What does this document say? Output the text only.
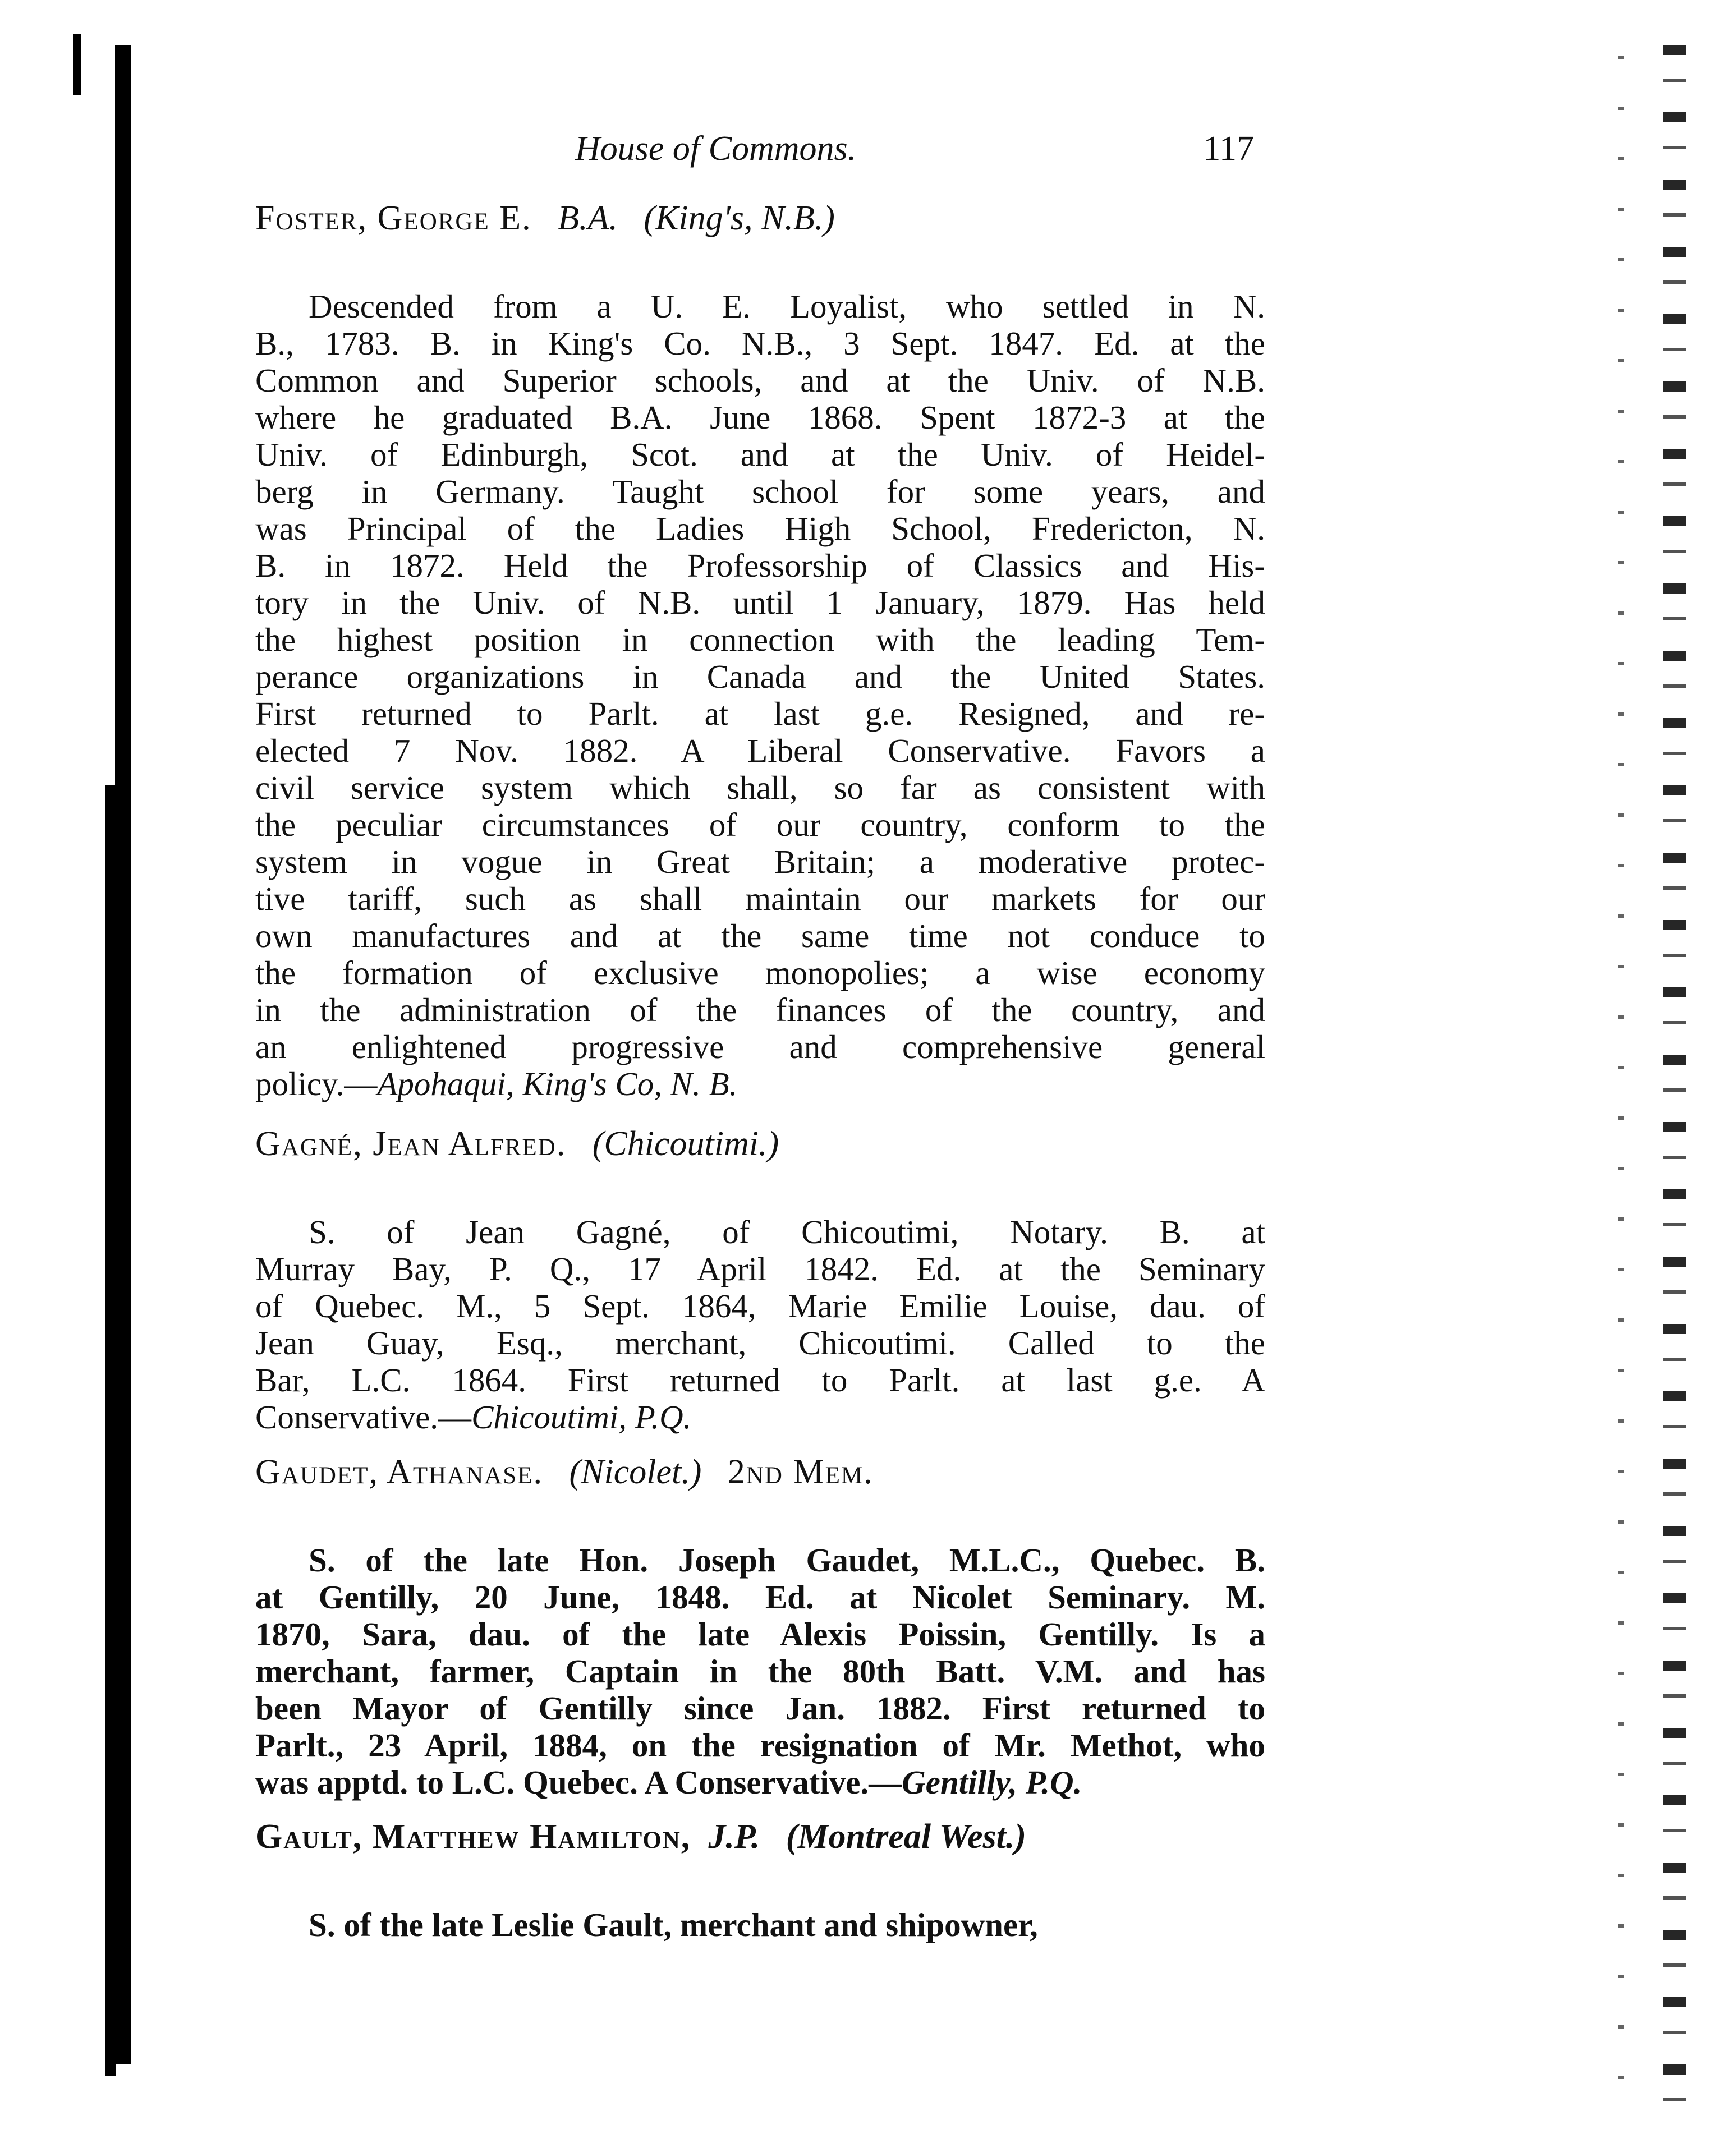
House of Commons.	117
Foster, George E. B.A. (King's, N.B.)
Descended from a U. E. Loyalist, who settled in N.
B., 1783. B. in King's Co. N.B., 3 Sept. 1847. Ed. at the
Common and Superior schools, and at the Univ. of N.B.
where he graduated B.A. June 1868. Spent 1872-3 at the
Univ. of Edinburgh, Scot. and at the Univ. of Heidel-
berg in Germany. Taught school for some years, and
was Principal of the Ladies High School, Fredericton, N.
B. in 1872. Held the Professorship of Classics and His-
tory in the Univ. of N.B. until 1 January, 1879. Has held
the highest position in connection with the leading Tem-
perance organizations in Canada and the United States.
First returned to Parlt. at last g.e. Resigned, and re-
elected 7 Nov. 1882. A Liberal Conservative. Favors a
civil service system which shall, so far as consistent with
the peculiar circumstances of our country, conform to the
system in vogue in Great Britain; a moderative protec-
tive tariff, such as shall maintain our markets for our
own manufactures and at the same time not conduce to
the formation of exclusive monopolies; a wise economy
in the administration of the finances of the country, and
an enlightened progressive and comprehensive general
policy.—Apohaqui, King's Co, N. B.
Gagné, Jean Alfred. (Chicoutimi.)
S. of Jean Gagné, of Chicoutimi, Notary. B. at
Murray Bay, P. Q., 17 April 1842. Ed. at the Seminary
of Quebec. M., 5 Sept. 1864, Marie Emilie Louise, dau. of
Jean Guay, Esq., merchant, Chicoutimi. Called to the
Bar, L.C. 1864. First returned to Parlt. at last g.e. A
Conservative.—Chicoutimi, P.Q.
Gaudet, Athanase. (Nicolet.) 2nd Mem.
S. of the late Hon. Joseph Gaudet, M.L.C., Quebec. B.
at Gentilly, 20 June, 1848. Ed. at Nicolet Seminary. M.
1870, Sara, dau. of the late Alexis Poissin, Gentilly. Is a
merchant, farmer, Captain in the 80th Batt. V.M. and has
been Mayor of Gentilly since Jan. 1882. First returned to
Parlt., 23 April, 1884, on the resignation of Mr. Methot, who
was apptd. to L.C. Quebec. A Conservative.—Gentilly, P.Q.
Gault, Matthew Hamilton, J.P. (Montreal West.)
S. of the late Leslie Gault, merchant and shipowner,
